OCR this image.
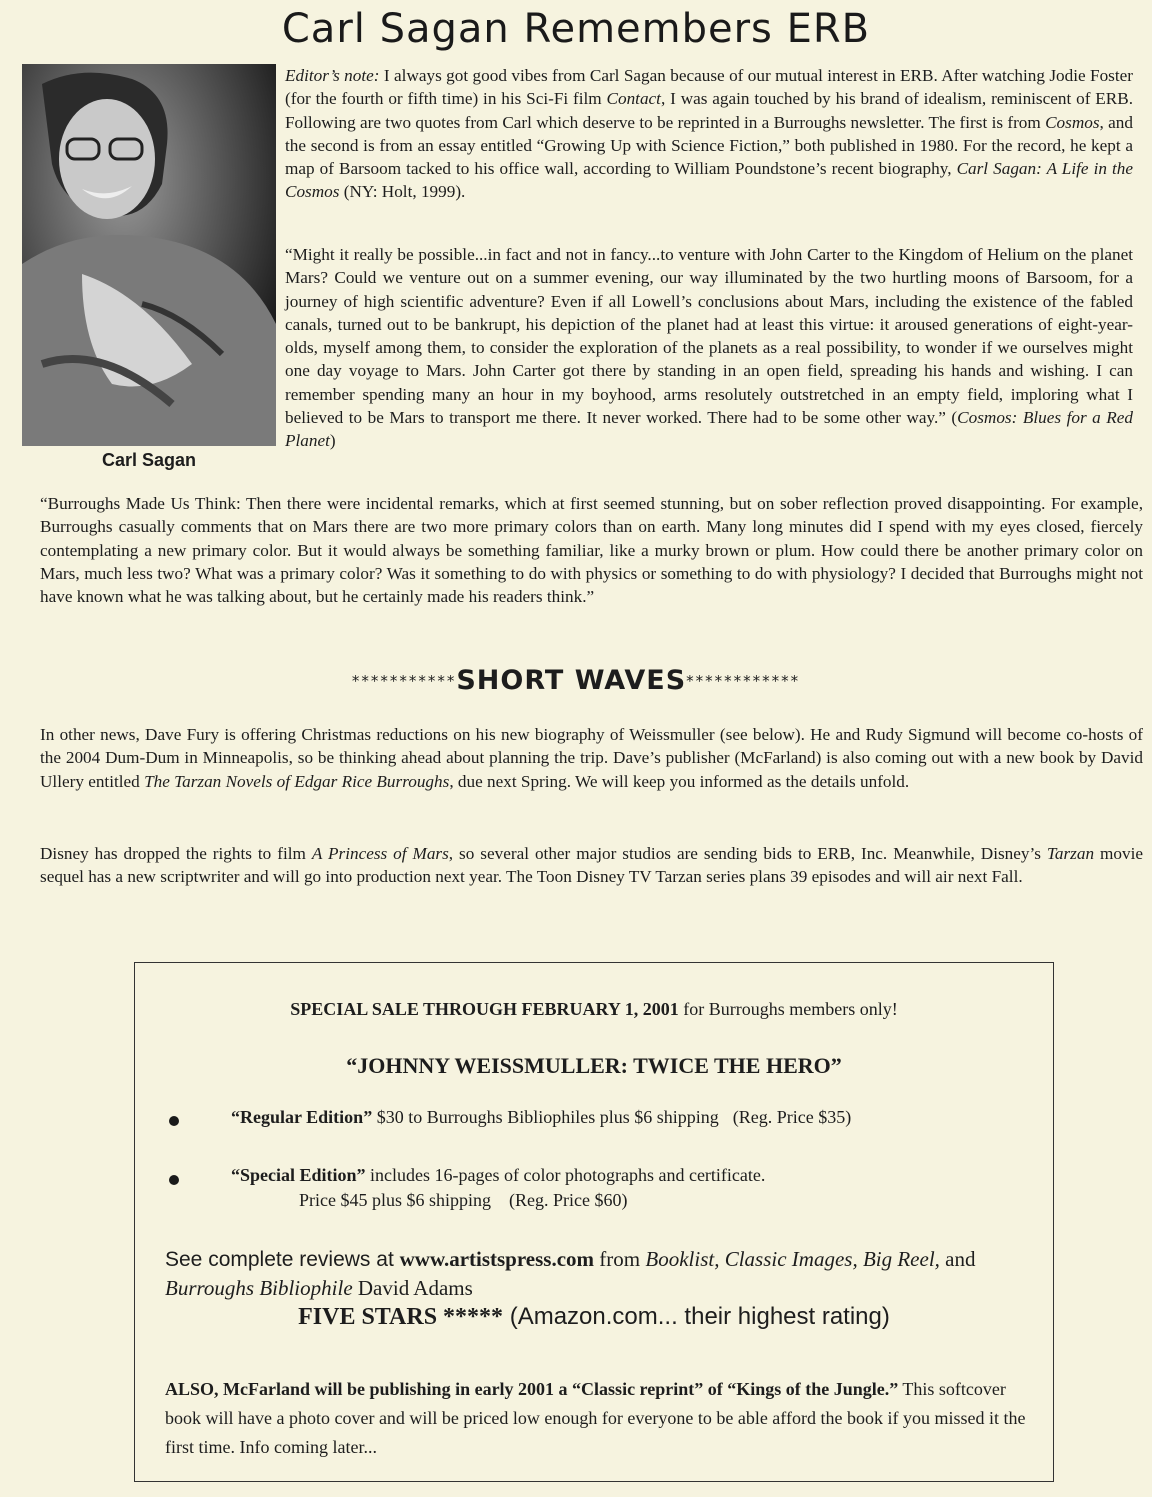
Carl Sagan Remembers ERB
Carl Sagan

Editor’s note: I always got good vibes from Carl Sagan because of our mutual interest in ERB. After watching Jodie Foster (for the fourth or fifth time) in his Sci-Fi film Contact, I was again touched by his brand of idealism, reminiscent of ERB. Following are two quotes from Carl which deserve to be reprinted in a Burroughs newsletter. The first is from Cosmos, and the second is from an essay entitled “Growing Up with Science Fiction,” both published in 1980. For the record, he kept a map of Barsoom tacked to his office wall, according to William Poundstone’s recent biography, Carl Sagan: A Life in the Cosmos (NY: Holt, 1999).

“Might it really be possible...in fact and not in fancy...to venture with John Carter to the Kingdom of Helium on the planet Mars? Could we venture out on a summer evening, our way illuminated by the two hurtling moons of Barsoom, for a journey of high scientific adventure? Even if all Lowell’s conclusions about Mars, including the existence of the fabled canals, turned out to be bankrupt, his depiction of the planet had at least this virtue: it aroused generations of eight-year-olds, myself among them, to consider the exploration of the planets as a real possibility, to wonder if we ourselves might one day voyage to Mars. John Carter got there by standing in an open field, spreading his hands and wishing. I can remember spending many an hour in my boyhood, arms resolutely outstretched in an empty field, imploring what I believed to be Mars to transport me there. It never worked. There had to be some other way.” (Cosmos: Blues for a Red Planet)

“Burroughs Made Us Think: Then there were incidental remarks, which at first seemed stunning, but on sober reflection proved disappointing. For example, Burroughs casually comments that on Mars there are two more primary colors than on earth. Many long minutes did I spend with my eyes closed, fiercely contemplating a new primary color. But it would always be something familiar, like a murky brown or plum. How could there be another primary color on Mars, much less two? What was a primary color? Was it something to do with physics or something to do with physiology? I decided that Burroughs might not have known what he was talking about, but he certainly made his readers think.”

***********SHORT WAVES************

In other news, Dave Fury is offering Christmas reductions on his new biography of Weissmuller (see below). He and Rudy Sigmund will become co-hosts of the 2004 Dum-Dum in Minneapolis, so be thinking ahead about planning the trip. Dave’s publisher (McFarland) is also coming out with a new book by David Ullery entitled The Tarzan Novels of Edgar Rice Burroughs, due next Spring. We will keep you informed as the details unfold.

Disney has dropped the rights to film A Princess of Mars, so several other major studios are sending bids to ERB, Inc. Meanwhile, Disney’s Tarzan movie sequel has a new scriptwriter and will go into production next year. The Toon Disney TV Tarzan series plans 39 episodes and will air next Fall.

SPECIAL SALE THROUGH FEBRUARY 1, 2001 for Burroughs members only!
“JOHNNY WEISSMULLER: TWICE THE HERO”
“Regular Edition” $30 to Burroughs Bibliophiles plus $6 shipping (Reg. Price $35)
“Special Edition” includes 16-pages of color photographs and certificate.
Price $45 plus $6 shipping (Reg. Price $60)
See complete reviews at www.artistspress.com from Booklist, Classic Images, Big Reel, and Burroughs Bibliophile David Adams
FIVE STARS ***** (Amazon.com... their highest rating)
ALSO, McFarland will be publishing in early 2001 a “Classic reprint” of “Kings of the Jungle.” This softcover book will have a photo cover and will be priced low enough for everyone to be able afford the book if you missed it the first time. Info coming later...
